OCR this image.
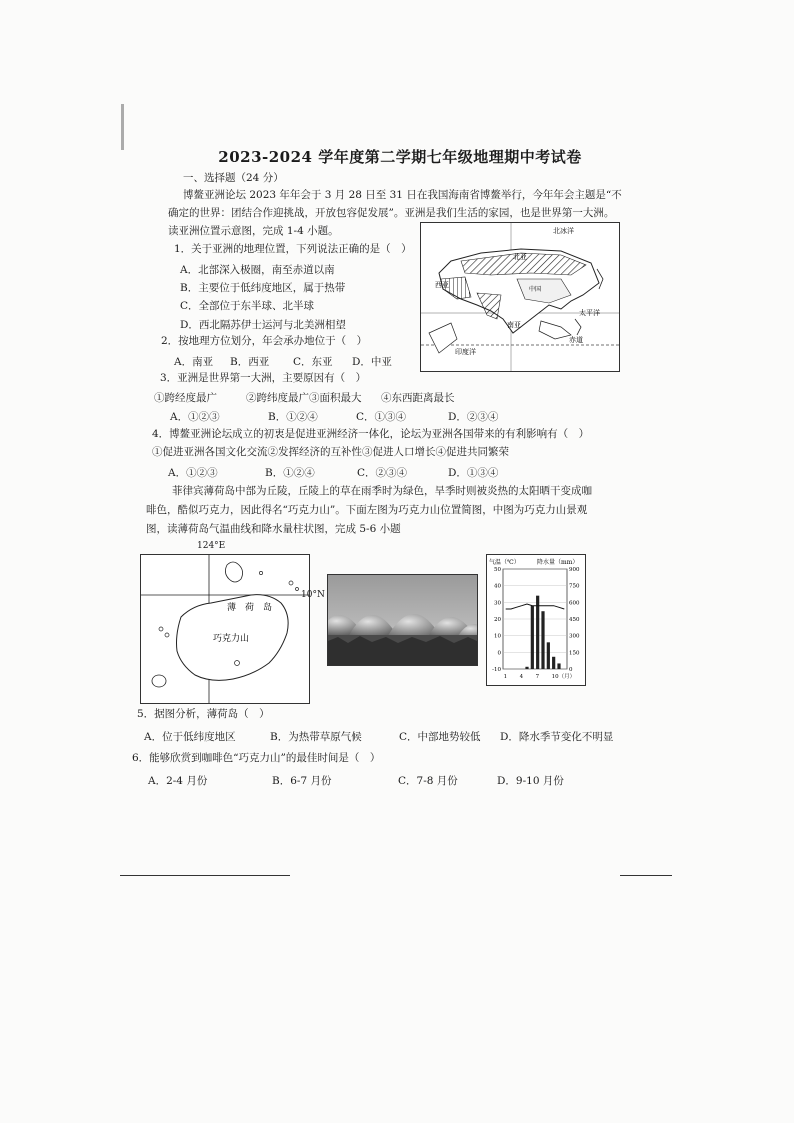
2023-2024 学年度第二学期七年级地理期中考试卷
一、选择题（24 分）
博鳌亚洲论坛 2023 年年会于 3 月 28 日至 31 日在我国海南省博鳌举行，今年年会主题是“不
确定的世界：团结合作迎挑战，开放包容促发展”。亚洲是我们生活的家园，也是世界第一大洲。
读亚洲位置示意图，完成 1-4 小题。
1．关于亚洲的地理位置，下列说法正确的是（　）
A．北部深入极圈，南至赤道以南
B．主要位于低纬度地区，属于热带
C．全部位于东半球、北半球
D．西北隔苏伊士运河与北美洲相望
2．按地理方位划分，年会承办地位于（　）
A．南亚 B．西亚 C．东亚 D．中亚
北冰洋
北亚
西亚
中国
南亚
太平洋
印度洋
赤道
3．亚洲是世界第一大洲，主要原因有（　）
①跨经度最广	②跨纬度最广③面积最大 ④东西距离最长
A．①②③	B．①②④	C．①③④	D．②③④
4．博鳌亚洲论坛成立的初衷是促进亚洲经济一体化，论坛为亚洲各国带来的有利影响有（　）
①促进亚洲各国文化交流②发挥经济的互补性③促进人口增长④促进共同繁荣
A．①②③	B．①②④	C．②③④	D．①③④
菲律宾薄荷岛中部为丘陵，丘陵上的草在雨季时为绿色，旱季时则被炎热的太阳晒干变成咖
啡色，酷似巧克力，因此得名“巧克力山”。下面左图为巧克力山位置简图，中图为巧克力山景观
图，读薄荷岛气温曲线和降水量柱状图，完成 5-6 小题
124°E
薄　荷　岛
巧克力山
10°N
气温（℃）	降水量（mm）
50	900
40	750
30	600
20	450
10	300
0	150
-10	0
1 4 7 10（月）
5．据图分析，薄荷岛（　）
A．位于低纬度地区	B．为热带草原气候	C．中部地势较低 D．降水季节变化不明显
6．能够欣赏到咖啡色“巧克力山”的最佳时间是（　）
A．2-4 月份	B．6-7 月份	C．7-8 月份	D．9-10 月份
